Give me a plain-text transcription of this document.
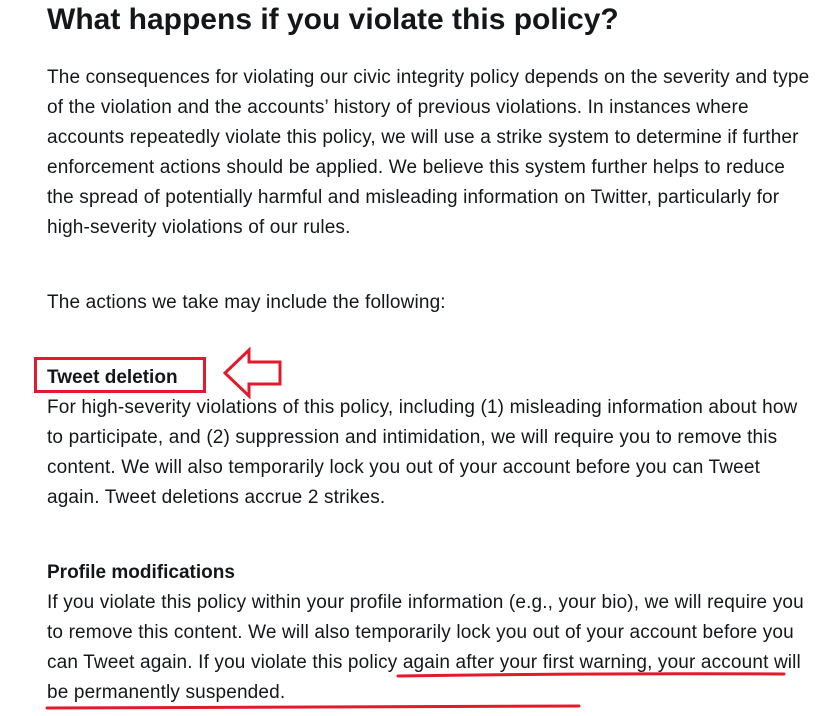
What happens if you violate this policy?

The consequences for violating our civic integrity policy depends on the severity and type of the violation and the accounts’ history of previous violations. In instances where accounts repeatedly violate this policy, we will use a strike system to determine if further enforcement actions should be applied. We believe this system further helps to reduce the spread of potentially harmful and misleading information on Twitter, particularly for high-severity violations of our rules.

The actions we take may include the following:

Tweet deletion

For high-severity violations of this policy, including (1) misleading information about how to participate, and (2) suppression and intimidation, we will require you to remove this content. We will also temporarily lock you out of your account before you can Tweet again. Tweet deletions accrue 2 strikes.

Profile modifications

If you violate this policy within your profile information (e.g., your bio), we will require you to remove this content. We will also temporarily lock you out of your account before you can Tweet again. If you violate this policy again after your first warning, your account will be permanently suspended.
